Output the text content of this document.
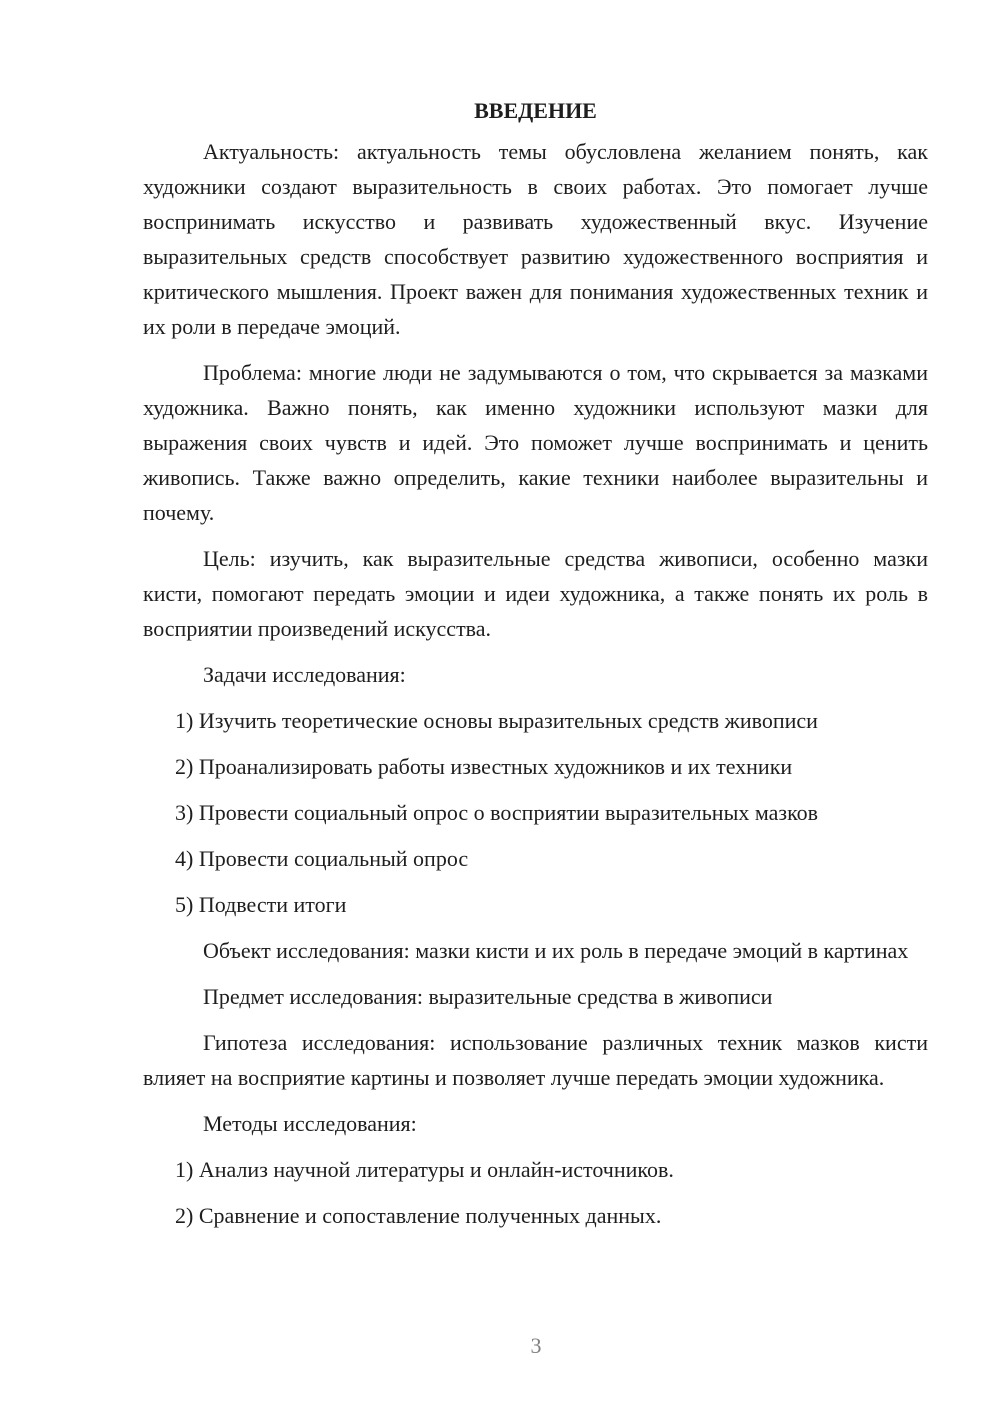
ВВЕДЕНИЕ

Актуальность: актуальность темы обусловлена желанием понять, как художники создают выразительность в своих работах. Это помогает лучше воспринимать искусство и развивать художественный вкус. Изучение выразительных средств способствует развитию художественного восприятия и критического мышления. Проект важен для понимания художественных техник и их роли в передаче эмоций.

Проблема: многие люди не задумываются о том, что скрывается за мазками художника. Важно понять, как именно художники используют мазки для выражения своих чувств и идей. Это поможет лучше воспринимать и ценить живопись. Также важно определить, какие техники наиболее выразительны и почему.

Цель: изучить, как выразительные средства живописи, особенно мазки кисти, помогают передать эмоции и идеи художника, а также понять их роль в восприятии произведений искусства.

Задачи исследования:

1) Изучить теоретические основы выразительных средств живописи

2) Проанализировать работы известных художников и их техники

3) Провести социальный опрос о восприятии выразительных мазков

4) Провести социальный опрос

5) Подвести итоги

Объект исследования: мазки кисти и их роль в передаче эмоций в картинах

Предмет исследования: выразительные средства в живописи

Гипотеза исследования: использование различных техник мазков кисти влияет на восприятие картины и позволяет лучше передать эмоции художника.

Методы исследования:

1) Анализ научной литературы и онлайн-источников.

2) Сравнение и сопоставление полученных данных.

3
